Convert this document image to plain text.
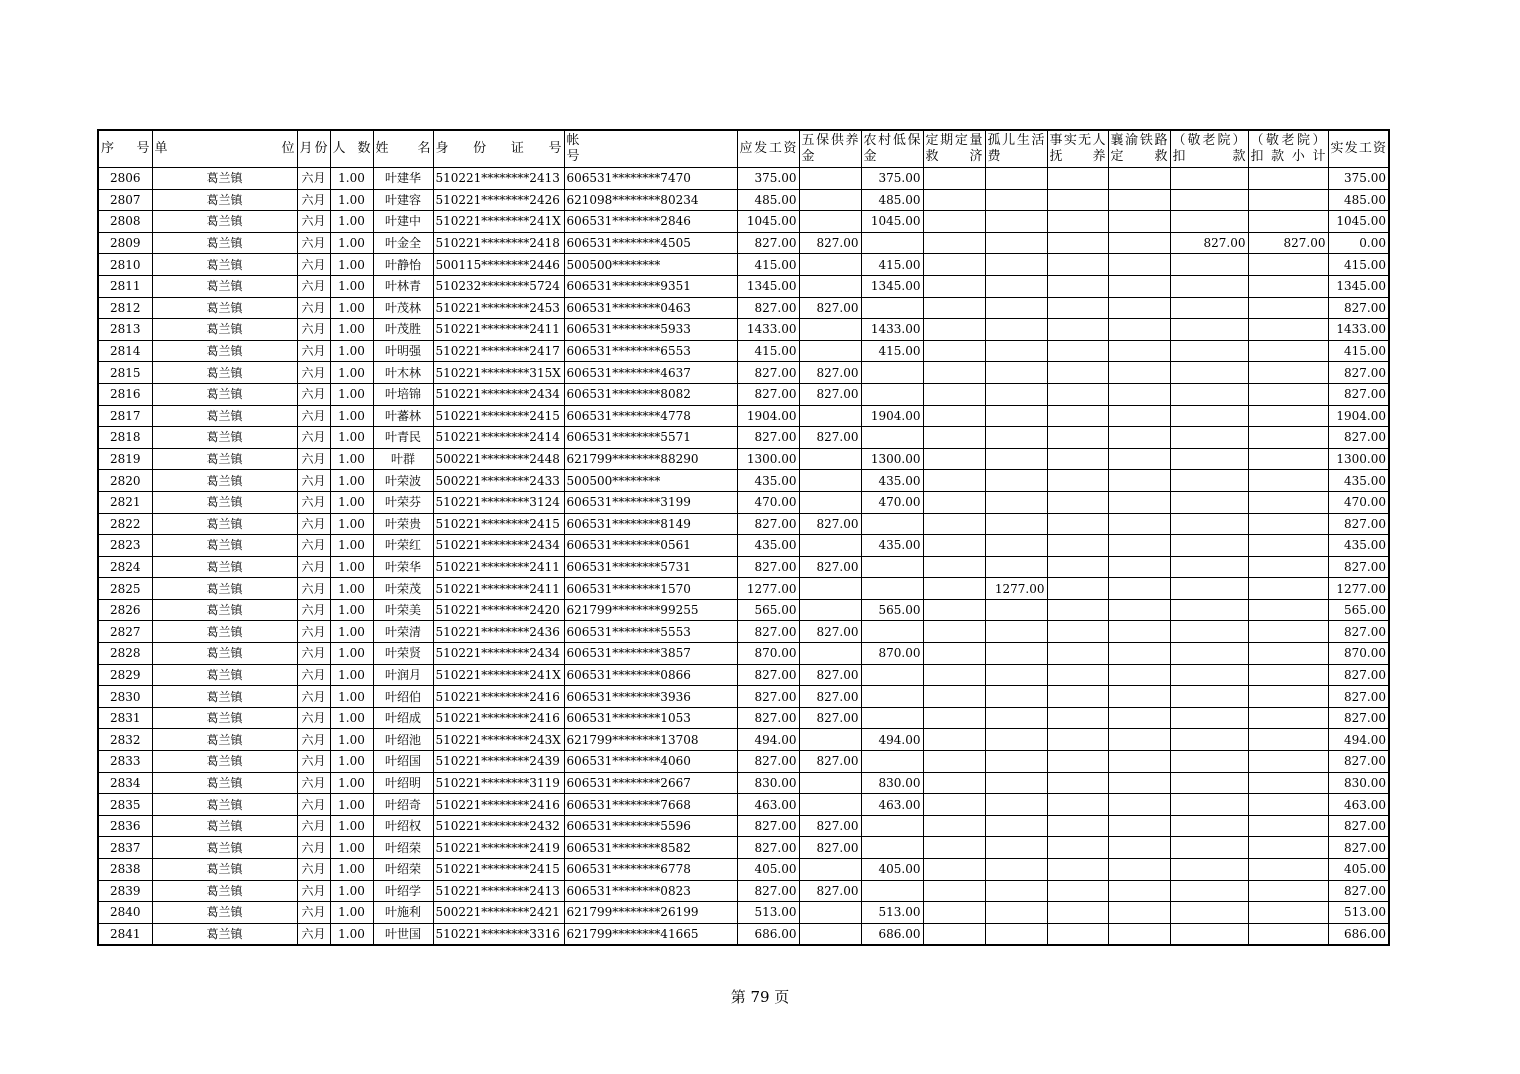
序　号	单　　　　　　位	月份	人 数	姓　名	身　份　证　号	帐　　　　　　　　　　　号	应发工资	五保供养金	农村低保金	定期定量救济	孤儿生活费	事实无人抚养	襄渝铁路定救	（敬老院）扣款	（敬老院）扣款小计	实发工资
2806	葛兰镇	六月	1.00	叶建华	510221********2413	606531********7470	375.00		375.00							375.00
2807	葛兰镇	六月	1.00	叶建容	510221********2426	621098********80234	485.00		485.00							485.00
2808	葛兰镇	六月	1.00	叶建中	510221********241X	606531********2846	1045.00		1045.00							1045.00
2809	葛兰镇	六月	1.00	叶金全	510221********2418	606531********4505	827.00	827.00						827.00	827.00	0.00
2810	葛兰镇	六月	1.00	叶静怡	500115********2446	500500********	415.00		415.00							415.00
2811	葛兰镇	六月	1.00	叶林青	510232********5724	606531********9351	1345.00		1345.00							1345.00
2812	葛兰镇	六月	1.00	叶茂林	510221********2453	606531********0463	827.00	827.00								827.00
2813	葛兰镇	六月	1.00	叶茂胜	510221********2411	606531********5933	1433.00		1433.00							1433.00
2814	葛兰镇	六月	1.00	叶明强	510221********2417	606531********6553	415.00		415.00							415.00
2815	葛兰镇	六月	1.00	叶木林	510221********315X	606531********4637	827.00	827.00								827.00
2816	葛兰镇	六月	1.00	叶培锦	510221********2434	606531********8082	827.00	827.00								827.00
2817	葛兰镇	六月	1.00	叶蕃林	510221********2415	606531********4778	1904.00		1904.00							1904.00
2818	葛兰镇	六月	1.00	叶青民	510221********2414	606531********5571	827.00	827.00								827.00
2819	葛兰镇	六月	1.00	叶群	500221********2448	621799********88290	1300.00		1300.00							1300.00
2820	葛兰镇	六月	1.00	叶荣波	500221********2433	500500********	435.00		435.00							435.00
2821	葛兰镇	六月	1.00	叶荣芬	510221********3124	606531********3199	470.00		470.00							470.00
2822	葛兰镇	六月	1.00	叶荣贵	510221********2415	606531********8149	827.00	827.00								827.00
2823	葛兰镇	六月	1.00	叶荣红	510221********2434	606531********0561	435.00		435.00							435.00
2824	葛兰镇	六月	1.00	叶荣华	510221********2411	606531********5731	827.00	827.00								827.00
2825	葛兰镇	六月	1.00	叶荣茂	510221********2411	606531********1570	1277.00				1277.00					1277.00
2826	葛兰镇	六月	1.00	叶荣美	510221********2420	621799********99255	565.00		565.00							565.00
2827	葛兰镇	六月	1.00	叶荣清	510221********2436	606531********5553	827.00	827.00								827.00
2828	葛兰镇	六月	1.00	叶荣贤	510221********2434	606531********3857	870.00		870.00							870.00
2829	葛兰镇	六月	1.00	叶润月	510221********241X	606531********0866	827.00	827.00								827.00
2830	葛兰镇	六月	1.00	叶绍伯	510221********2416	606531********3936	827.00	827.00								827.00
2831	葛兰镇	六月	1.00	叶绍成	510221********2416	606531********1053	827.00	827.00								827.00
2832	葛兰镇	六月	1.00	叶绍池	510221********243X	621799********13708	494.00		494.00							494.00
2833	葛兰镇	六月	1.00	叶绍国	510221********2439	606531********4060	827.00	827.00								827.00
2834	葛兰镇	六月	1.00	叶绍明	510221********3119	606531********2667	830.00		830.00							830.00
2835	葛兰镇	六月	1.00	叶绍奇	510221********2416	606531********7668	463.00		463.00							463.00
2836	葛兰镇	六月	1.00	叶绍权	510221********2432	606531********5596	827.00	827.00								827.00
2837	葛兰镇	六月	1.00	叶绍荣	510221********2419	606531********8582	827.00	827.00								827.00
2838	葛兰镇	六月	1.00	叶绍荣	510221********2415	606531********6778	405.00		405.00							405.00
2839	葛兰镇	六月	1.00	叶绍学	510221********2413	606531********0823	827.00	827.00								827.00
2840	葛兰镇	六月	1.00	叶施利	500221********2421	621799********26199	513.00		513.00							513.00
2841	葛兰镇	六月	1.00	叶世国	510221********3316	621799********41665	686.00		686.00							686.00
第 79 页
